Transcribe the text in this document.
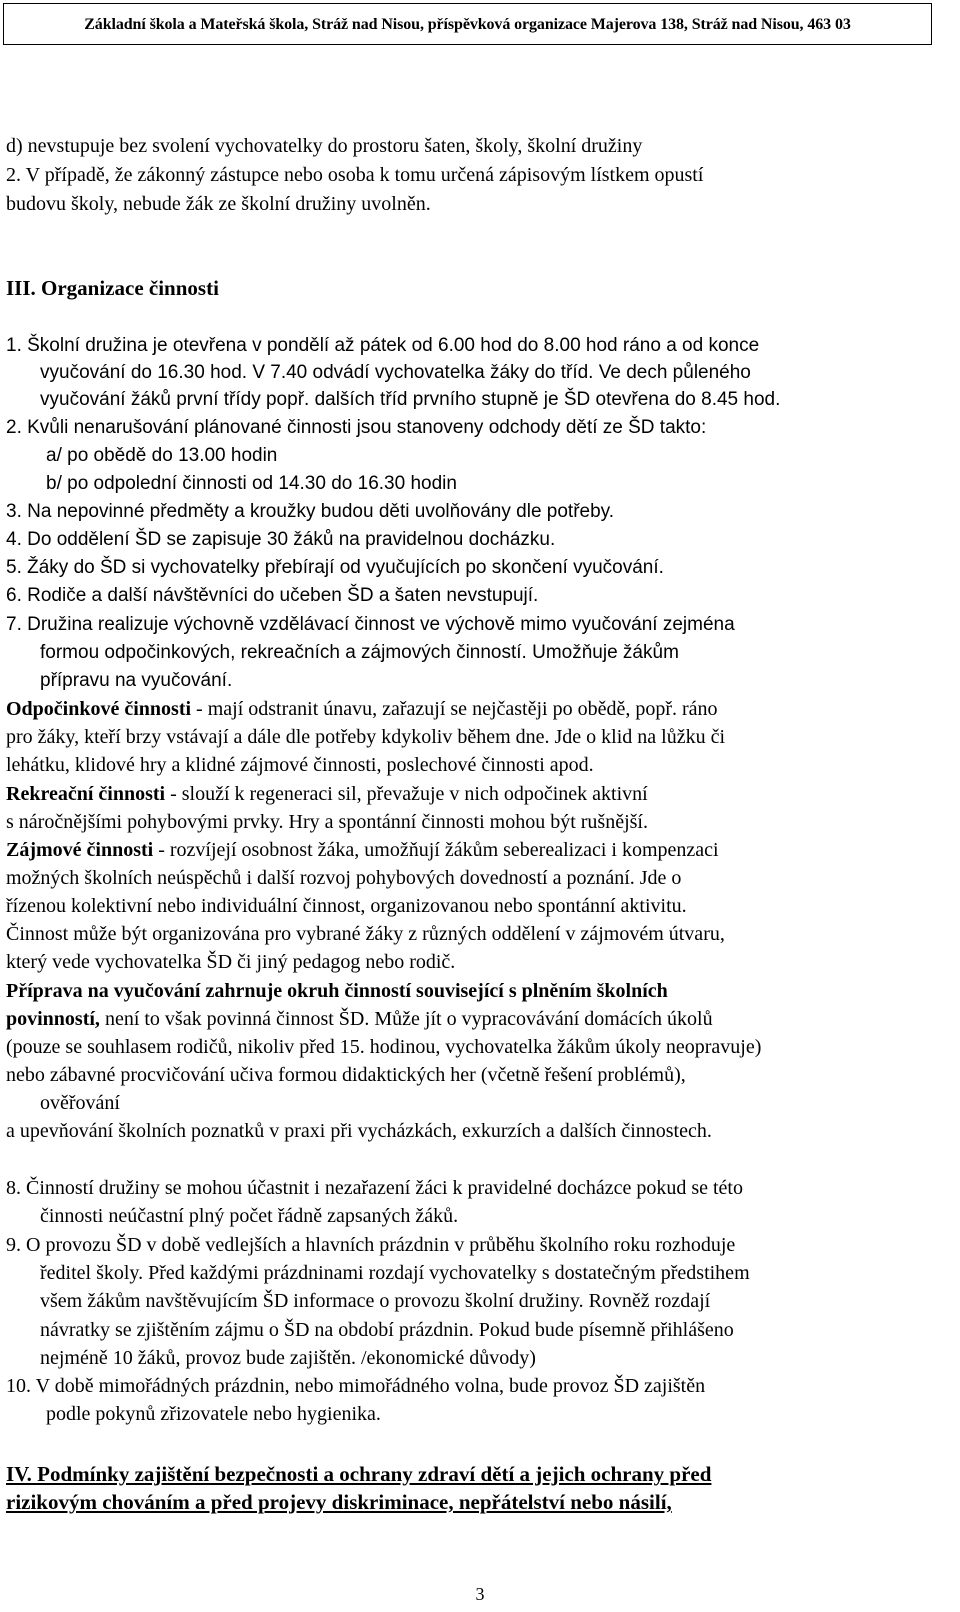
Základní škola a Mateřská škola, Stráž nad Nisou, příspěvková organizace Majerova 138, Stráž nad Nisou, 463 03
d) nevstupuje bez svolení vychovatelky do prostoru šaten, školy, školní družiny
2. V případě, že zákonný zástupce nebo osoba k tomu určená zápisovým lístkem opustí
budovu školy, nebude žák ze školní družiny uvolněn.
III. Organizace činnosti
1. Školní družina je otevřena v pondělí až pátek od 6.00 hod do 8.00 hod ráno a od konce
vyučování do 16.30 hod. V 7.40 odvádí vychovatelka žáky do tříd. Ve dech půleného
vyučování žáků první třídy popř. dalších tříd prvního stupně je ŠD otevřena do 8.45 hod.
2. Kvůli nenarušování plánované činnosti jsou stanoveny odchody dětí ze ŠD takto:
a/ po obědě do 13.00 hodin
b/ po odpolední činnosti od 14.30 do 16.30 hodin
3. Na nepovinné předměty a kroužky budou děti uvolňovány dle potřeby.
4. Do oddělení ŠD se zapisuje 30 žáků na pravidelnou docházku.
5. Žáky do ŠD si vychovatelky přebírají od vyučujících po skončení vyučování.
6. Rodiče a další návštěvníci do učeben ŠD a šaten nevstupují.
7. Družina realizuje výchovně vzdělávací činnost ve výchově mimo vyučování zejména
formou odpočinkových, rekreačních a zájmových činností. Umožňuje žákům
přípravu na vyučování.
Odpočinkové činnosti - mají odstranit únavu, zařazují se nejčastěji po obědě, popř. ráno
pro žáky, kteří brzy vstávají a dále dle potřeby kdykoliv během dne. Jde o klid na lůžku či
lehátku, klidové hry a klidné zájmové činnosti, poslechové činnosti apod.
Rekreační činnosti - slouží k regeneraci sil, převažuje v nich odpočinek aktivní
s náročnějšími pohybovými prvky. Hry a spontánní činnosti mohou být rušnější.
Zájmové činnosti - rozvíjejí osobnost žáka, umožňují žákům seberealizaci i kompenzaci
možných školních neúspěchů i další rozvoj pohybových dovedností a poznání. Jde o
řízenou kolektivní nebo individuální činnost, organizovanou nebo spontánní aktivitu.
Činnost může být organizována pro vybrané žáky z různých oddělení v zájmovém útvaru,
který vede vychovatelka ŠD či jiný pedagog nebo rodič.
Příprava na vyučování zahrnuje okruh činností související s plněním školních
povinností, není to však povinná činnost ŠD. Může jít o vypracovávání domácích úkolů
(pouze se souhlasem rodičů, nikoliv před 15. hodinou, vychovatelka žákům úkoly neopravuje)
nebo zábavné procvičování učiva formou didaktických her (včetně řešení problémů),
ověřování
a upevňování školních poznatků v praxi při vycházkách, exkurzích a dalších činnostech.
8. Činností družiny se mohou účastnit i nezařazení žáci k pravidelné docházce pokud se této
činnosti neúčastní plný počet řádně zapsaných žáků.
9. O provozu ŠD v době vedlejších a hlavních prázdnin v průběhu školního roku rozhoduje
ředitel školy. Před každými prázdninami rozdají vychovatelky s dostatečným předstihem
všem žákům navštěvujícím ŠD informace o provozu školní družiny. Rovněž rozdají
návratky se zjištěním zájmu o ŠD na období prázdnin. Pokud bude písemně přihlášeno
nejméně 10 žáků, provoz bude zajištěn. /ekonomické důvody)
10. V době mimořádných prázdnin, nebo mimořádného volna, bude provoz ŠD zajištěn
podle pokynů zřizovatele nebo hygienika.
IV. Podmínky zajištění bezpečnosti a ochrany zdraví dětí a jejich ochrany před
rizikovým chováním a před projevy diskriminace, nepřátelství nebo násilí,
3
